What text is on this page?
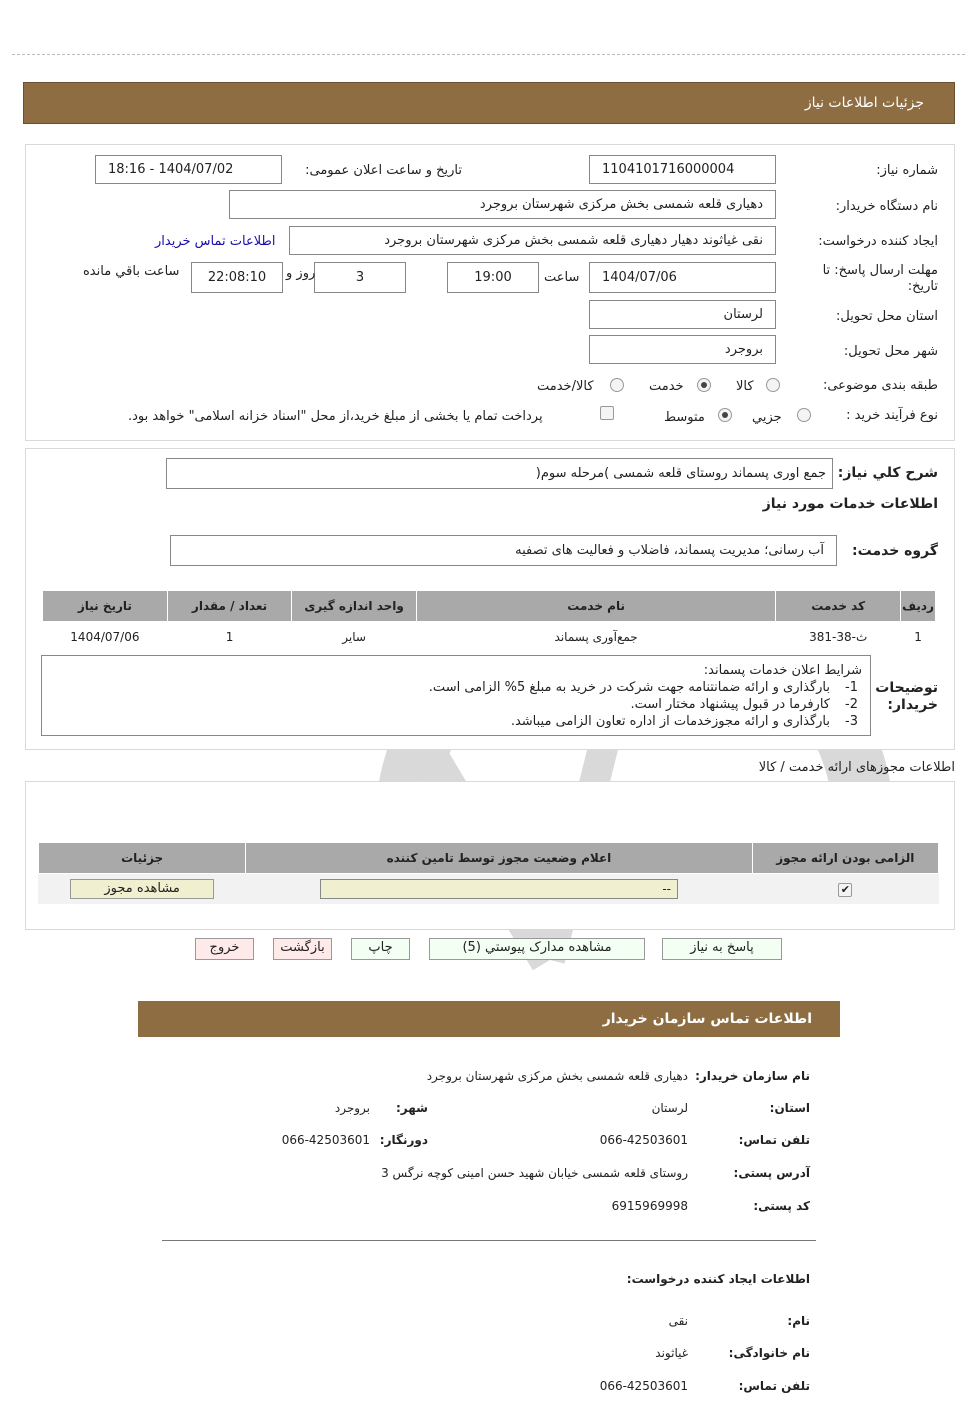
جزئیات اطلاعات نیاز
شماره نیاز:
1104101716000004
تاریخ و ساعت اعلان عمومی:
1404/07/02 - 18:16
نام دستگاه خریدار:
دهیاری قلعه شمسی بخش مرکزی شهرستان بروجرد
ایجاد کننده درخواست:
نقی غیاثوند دهیار دهیاری قلعه شمسی بخش مرکزی شهرستان بروجرد
اطلاعات تماس خریدار
مهلت ارسال پاسخ: تا تاریخ:
1404/07/06
ساعت
19:00
3
روز و
22:08:10
ساعت باقي مانده
استان محل تحویل:
لرستان
شهر محل تحویل:
بروجرد
طبقه بندی موضوعی:
کالا
خدمت
کالا/خدمت
نوع فرآیند خرید :
جزیي
متوسط
پرداخت تمام یا بخشی از مبلغ خرید،از محل "اسناد خزانه اسلامی" خواهد بود.
شرح كلي نياز:
جمع اوری پسماند روستای قلعه شمسی )مرحله سوم(
اطلاعات خدمات مورد نیاز
گروه خدمت:
آب رسانی؛ مدیریت پسماند، فاضلاب و فعالیت های تصفیه
ردیف	کد خدمت	نام خدمت	واحد اندازه گیری	تعداد / مقدار	تاریخ نیاز
1	ث-38-381	جمع‌آوری پسماند	سایر	1	1404/07/06
توضیحات
خریدار:
شرایط اعلان خدمات پسماند:
1-بارگذاری و ارائه ضمانتنامه جهت شرکت در خرید به مبلغ 5% الزامی است.
2-کارفرما در قبول پیشنهاد مختار است.
3-بارگذاری و ارائه مجوزخدمات از اداره تعاون الزامی میباشد.
اطلاعات مجوزهای ارائه خدمت / کالا
الزامی بودن ارائه مجوز	اعلام وضعیت مجوز توسط تامین کننده	جزئیات
✔	--	مشاهده مجوز
پاسخ به نیاز
مشاهده مدارک پیوستي (5)
چاپ
بازگشت
خروج
اطلاعات تماس سازمان خریدار
نام سازمان خریدار:
دهیاری قلعه شمسی بخش مرکزی شهرستان بروجرد
استان:
لرستان
شهر:
بروجرد
تلفن تماس:
066-42503601
دورنگار:
066-42503601
آدرس پستی:
روستای قلعه شمسی خیابان شهید حسن امینی کوچه نرگس 3
کد پستی:
6915969998
اطلاعات ایجاد کننده درخواست:
نام:
نقی
نام خانوادگی:
غیاثوند
تلفن تماس:
066-42503601
